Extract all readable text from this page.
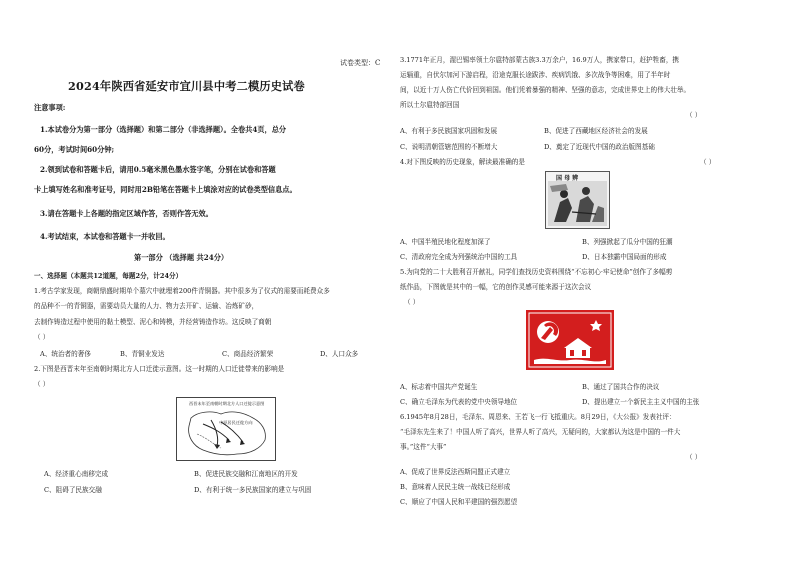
试卷类型：C
2024年陕西省延安市宜川县中考二模历史试卷
注意事项:
1.本试卷分为第一部分（选择题）和第二部分（非选择题）。全卷共4页，总分
60分，考试时间60分钟;
2.领到试卷和答题卡后，请用0.5毫米黑色墨水签字笔，分别在试卷和答题
卡上填写姓名和准考证号，同时用2B铅笔在答题卡上填涂对应的试卷类型信息点。
3.请在答题卡上各题的指定区域作答，否则作答无效。
4.考试结束，本试卷和答题卡一并收回。
第一部分 （选择题 共24分）
一、选择题（本题共12道题，每题2分，计24分）
1.考古学家发现，商朝鼎盛时期单个墓穴中就埋着200件青铜器。其中很多为了仪式的需要而耗费众多
的品种不一的青铜器，需要动员大量的人力、物力去开矿、运输、冶炼矿砂，
去制作铸造过程中使用的黏土模型、泥心和铸模，并经营铸造作坊。这反映了商朝
（ ）
A、统治者的奢侈	B、青铜业发达	C、商品经济繁荣	D、人口众多
2.下图是西晋末年至南朝时期北方人口迁徙示意图。这一时期的人口迁徙带来的影响是
（ ）
西晋末年至南朝时期北方人口迁徙示意图
中原居民迁徙方向
A、经济重心南移完成	B、促进民族交融和江南地区的开发
C、阻碍了民族交融	D、有利于统一多民族国家的建立与巩固
3.1771年正月，渥巴锡率领土尔扈特部蒙古族3.3万余户，16.9万人，携家带口，赶护牲畜，携
运辎重，自伏尔加河下游启程，沿途克服长途跋涉、疾病饥饿、多次战争等困难，用了半年时
间，以近十万人伤亡代价回到祖国。他们凭着暴强的精神、坚强的意志，完成世界史上的伟大壮举。
所以土尔扈特部回国
（ ）
A、有利于多民族国家巩固和发展	B、促进了西藏地区经济社会的发展
C、说明清朝管辖范围的不断增大	D、奠定了近现代中国的政治版图基础
4.对下图反映的历史现象，解读最准确的是	（ ）
国 母 辨
A、中国半殖民地化程度加深了	B、列强掀起了瓜分中国的狂潮
C、清政府完全成为列强统治中国的工具	D、日本独霸中国局面的形成
5.为向党的二十大胜利召开献礼，同学们查找历史资料围绕“不忘初心·牢记使命”创作了多幅剪
纸作品，下图就是其中的一幅，它的创作灵感可能来源于这次会议
（ ）
A、标志着中国共产党诞生	B、通过了国共合作的决议
C、确立毛泽东为代表的党中央领导地位	D、提出建立一个新民主主义中国的主张
6.1945年8月28日，毛泽东、周恩来、王若飞一行飞抵重庆。8月29日，《大公报》发表社评：
“毛泽东先生来了！中国人听了高兴，世界人听了高兴，无疑问的，大家都认为这是中国的一件大
事。”这件“大事”
（ ）
A、促成了世界反法西斯同盟正式建立
B、意味着人民民主统一战线已经形成
C、顺应了中国人民和平建国的强烈愿望
